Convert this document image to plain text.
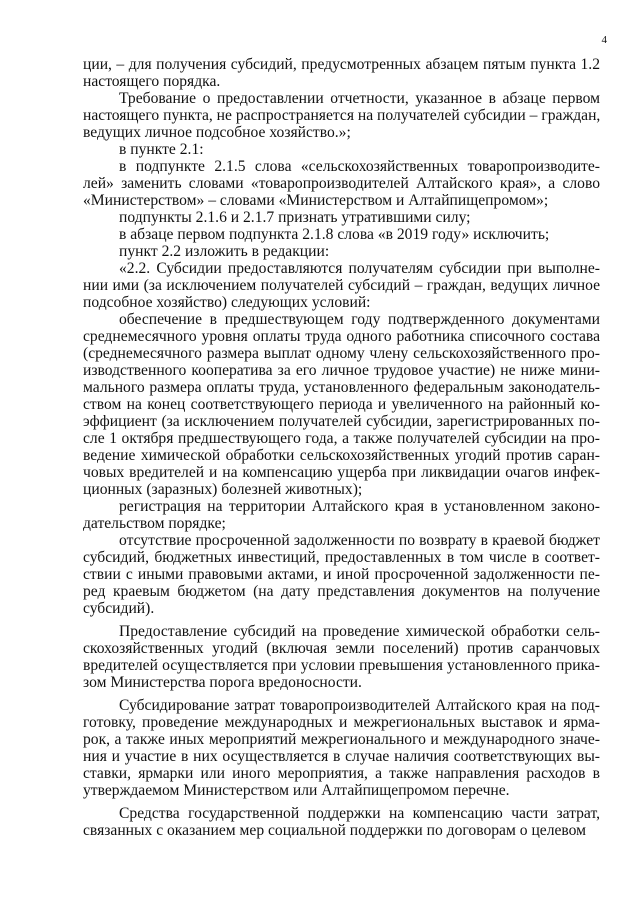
4
ции, – для получения субсидий, предусмотренных абзацем пятым пункта 1.2
настоящего порядка.
Требование о предоставлении отчетности, указанное в абзаце первом
настоящего пункта, не распространяется на получателей субсидии – граждан,
ведущих личное подсобное хозяйство.»;
в пункте 2.1:
в подпункте 2.1.5 слова «сельскохозяйственных товаропроизводите-
лей» заменить словами «товаропроизводителей Алтайского края», а слово
«Министерством» – словами «Министерством и Алтайпищепромом»;
подпункты 2.1.6 и 2.1.7 признать утратившими силу;
в абзаце первом подпункта 2.1.8 слова «в 2019 году» исключить;
пункт 2.2 изложить в редакции:
«2.2. Субсидии предоставляются получателям субсидии при выполне-
нии ими (за исключением получателей субсидий – граждан, ведущих личное
подсобное хозяйство) следующих условий:
обеспечение в предшествующем году подтвержденного документами
среднемесячного уровня оплаты труда одного работника списочного состава
(среднемесячного размера выплат одному члену сельскохозяйственного про-
изводственного кооператива за его личное трудовое участие) не ниже мини-
мального размера оплаты труда, установленного федеральным законодатель-
ством на конец соответствующего периода и увеличенного на районный ко-
эффициент (за исключением получателей субсидии, зарегистрированных по-
сле 1 октября предшествующего года, а также получателей субсидии на про-
ведение химической обработки сельскохозяйственных угодий против саран-
човых вредителей и на компенсацию ущерба при ликвидации очагов инфек-
ционных (заразных) болезней животных);
регистрация на территории Алтайского края в установленном законо-
дательством порядке;
отсутствие просроченной задолженности по возврату в краевой бюджет
субсидий, бюджетных инвестиций, предоставленных в том числе в соответ-
ствии с иными правовыми актами, и иной просроченной задолженности пе-
ред краевым бюджетом (на дату представления документов на получение
субсидий).
Предоставление субсидий на проведение химической обработки сель-
скохозяйственных угодий (включая земли поселений) против саранчовых
вредителей осуществляется при условии превышения установленного прика-
зом Министерства порога вредоносности.
Субсидирование затрат товаропроизводителей Алтайского края на под-
готовку, проведение международных и межрегиональных выставок и ярма-
рок, а также иных мероприятий межрегионального и международного значе-
ния и участие в них осуществляется в случае наличия соответствующих вы-
ставки, ярмарки или иного мероприятия, а также направления расходов в
утверждаемом Министерством или Алтайпищепромом перечне.
Средства государственной поддержки на компенсацию части затрат,
связанных с оказанием мер социальной поддержки по договорам о целевом
